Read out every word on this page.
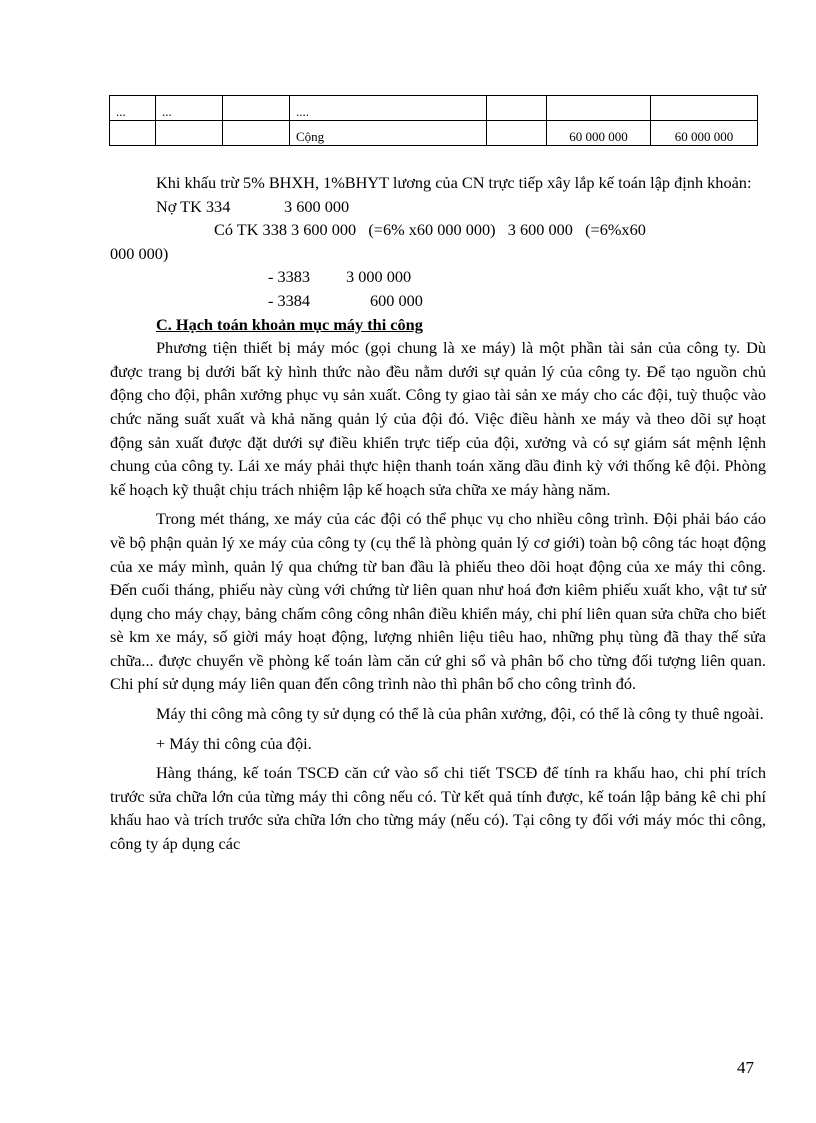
...	...		....			
			Cộng		60 000 000	60 000 000

Khi khấu trừ 5% BHXH, 1%BHYT lương của CN trực tiếp xây lắp kế toán lập định khoản:

Nợ TK 334	3 600 000

Có TK 338 3 600 000   (=6% x60 000 000)   3 600 000   (=6%x60

000 000)

- 3383 3 000 000

- 3384	600 000

C. Hạch toán khoản mục máy thi công

Phương tiện thiết bị máy móc (gọi chung là xe máy) là một phần tài sản của công ty. Dù được trang bị dưới bất kỳ hình thức nào đều nằm dưới sự quản lý của công ty. Để tạo nguồn chủ động cho đội, phân xưởng phục vụ sản xuất. Công ty giao tài sản xe máy cho các đội, tuỳ thuộc vào chức năng suất xuất và khả năng quản lý của đội đó. Việc điều hành xe máy và theo dõi sự hoạt động sản xuất được đặt dưới sự điều khiển trực tiếp của đội, xưởng và có sự giám sát mệnh lệnh chung của công ty. Lái xe máy phải thực hiện thanh toán xăng dầu đinh kỳ với thống kê đội. Phòng kế hoạch kỹ thuật chịu trách nhiệm lập kế hoạch sửa chữa xe máy hàng năm.

Trong mét tháng, xe máy của các đội có thể phục vụ cho nhiều công trình. Đội phải báo cáo về bộ phận quản lý xe máy của công ty (cụ thể là phòng quản lý cơ giới) toàn bộ công tác hoạt động của xe máy mình, quản lý qua chứng từ ban đầu là phiếu theo dõi hoạt động của xe máy thi công. Đến cuối tháng, phiếu này cùng với chứng từ liên quan như hoá đơn kiêm phiếu xuất kho, vật tư sử dụng cho máy chạy, bảng chấm công công nhân điều khiển máy, chi phí liên quan sửa chữa cho biết sè km xe máy, số giời máy hoạt động, lượng nhiên liệu tiêu hao, những phụ tùng đã thay thế sửa chữa... được chuyển về phòng kế toán làm căn cứ ghi sổ và phân bổ cho từng đối tượng liên quan. Chi phí sử dụng máy liên quan đến công trình nào thì phân bổ cho công trình đó.

Máy thi công mà công ty sử dụng có thể là của phân xưởng, đội, có thể là công ty thuê ngoài.

+ Máy thi công của đội.

Hàng tháng, kế toán TSCĐ căn cứ vào sổ chi tiết TSCĐ để tính ra khấu hao, chi phí trích trước sửa chữa lớn của từng máy thi công nếu có. Từ kết quả tính được, kế toán lập bảng kê chi phí khấu hao và trích trước sửa chữa lớn cho từng máy (nếu có). Tại công ty đối với máy móc thi công, công ty áp dụng các

47
